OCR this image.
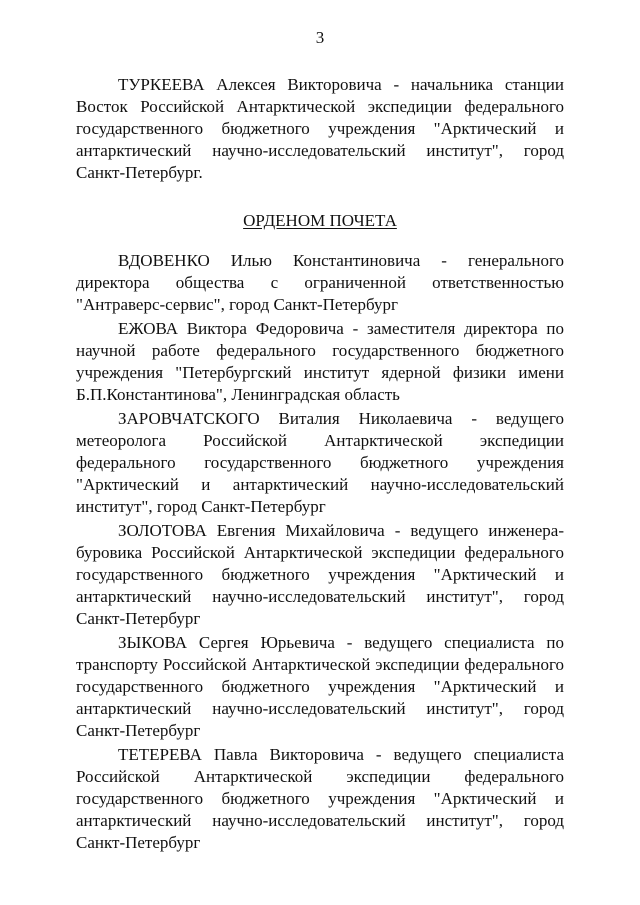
3

ТУРКЕЕВА Алексея Викторовича - начальника станции Восток Российской Антарктической экспедиции федерального государственного бюджетного учреждения "Арктический и антарктический научно-исследовательский институт", город Санкт-Петербург.

ОРДЕНОМ ПОЧЕТА

ВДОВЕНКО Илью Константиновича - генерального директора общества с ограниченной ответственностью "Антраверс-сервис", город Санкт-Петербург

ЕЖОВА Виктора Федоровича - заместителя директора по научной работе федерального государственного бюджетного учреждения "Петербургский институт ядерной физики имени Б.П.Константинова", Ленинградская область

ЗАРОВЧАТСКОГО Виталия Николаевича - ведущего метеоролога Российской Антарктической экспедиции федерального государственного бюджетного учреждения "Арктический и антарктический научно-исследовательский институт", город Санкт-Петербург

ЗОЛОТОВА Евгения Михайловича - ведущего инженера-буровика Российской Антарктической экспедиции федерального государственного бюджетного учреждения "Арктический и антарктический научно-исследовательский институт", город Санкт-Петербург

ЗЫКОВА Сергея Юрьевича - ведущего специалиста по транспорту Российской Антарктической экспедиции федерального государственного бюджетного учреждения "Арктический и антарктический научно-исследовательский институт", город Санкт-Петербург

ТЕТЕРЕВА Павла Викторовича - ведущего специалиста Российской Антарктической экспедиции федерального государственного бюджетного учреждения "Арктический и антарктический научно-исследовательский институт", город Санкт-Петербург
